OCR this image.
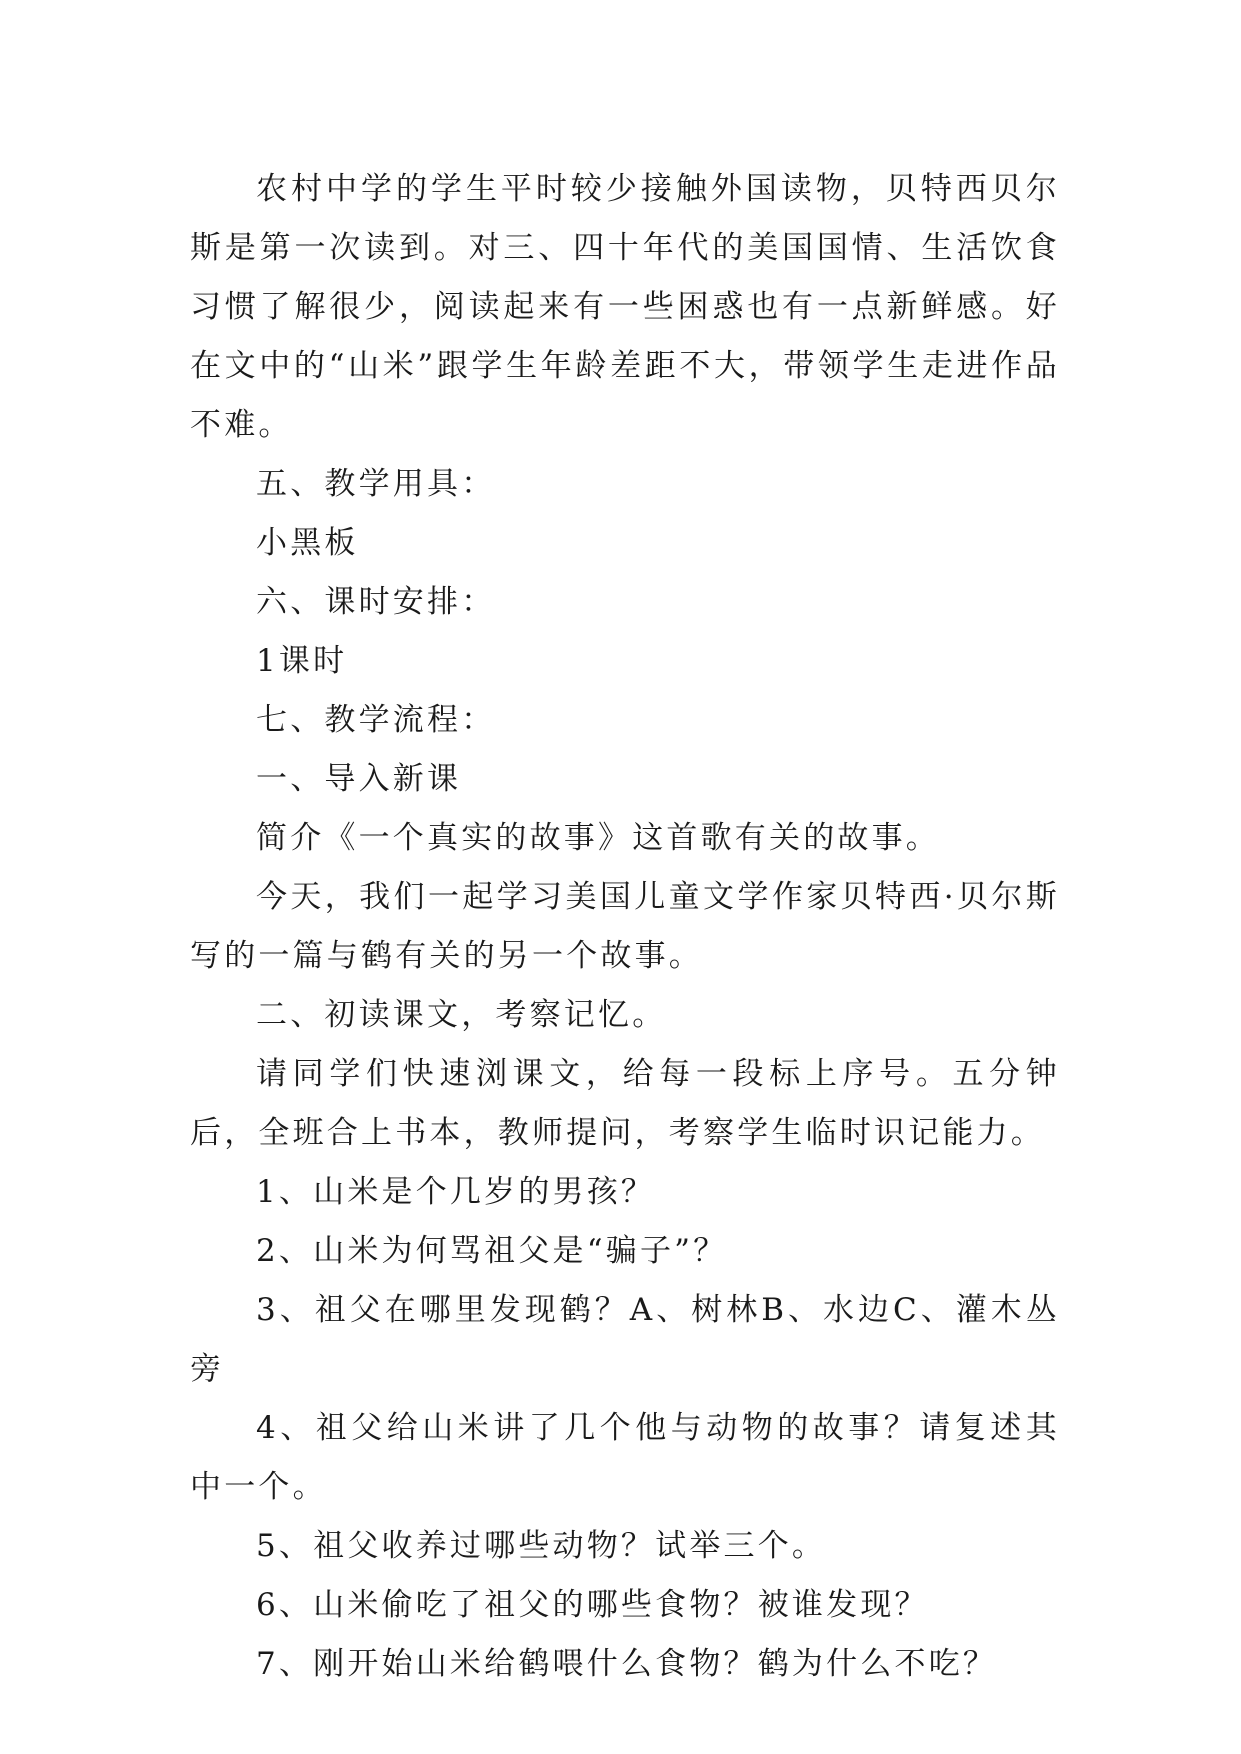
农村中学的学生平时较少接触外国读物，贝特西贝尔斯是第一次读到。对三、四十年代的美国国情、生活饮食习惯了解很少，阅读起来有一些困惑也有一点新鲜感。好在文中的“山米”跟学生年龄差距不大，带领学生走进作品不难。

五、教学用具：

小黑板

六、课时安排：

1课时

七、教学流程：

一、导入新课

简介《一个真实的故事》这首歌有关的故事。

今天，我们一起学习美国儿童文学作家贝特西·贝尔斯写的一篇与鹤有关的另一个故事。

二、初读课文，考察记忆。

请同学们快速浏课文，给每一段标上序号。五分钟后，全班合上书本，教师提问，考察学生临时识记能力。

1、山米是个几岁的男孩？

2、山米为何骂祖父是“骗子”？

3、祖父在哪里发现鹤？A、树林B、水边C、灌木丛旁

4、祖父给山米讲了几个他与动物的故事？请复述其中一个。

5、祖父收养过哪些动物？试举三个。

6、山米偷吃了祖父的哪些食物？被谁发现？

7、刚开始山米给鹤喂什么食物？鹤为什么不吃？
